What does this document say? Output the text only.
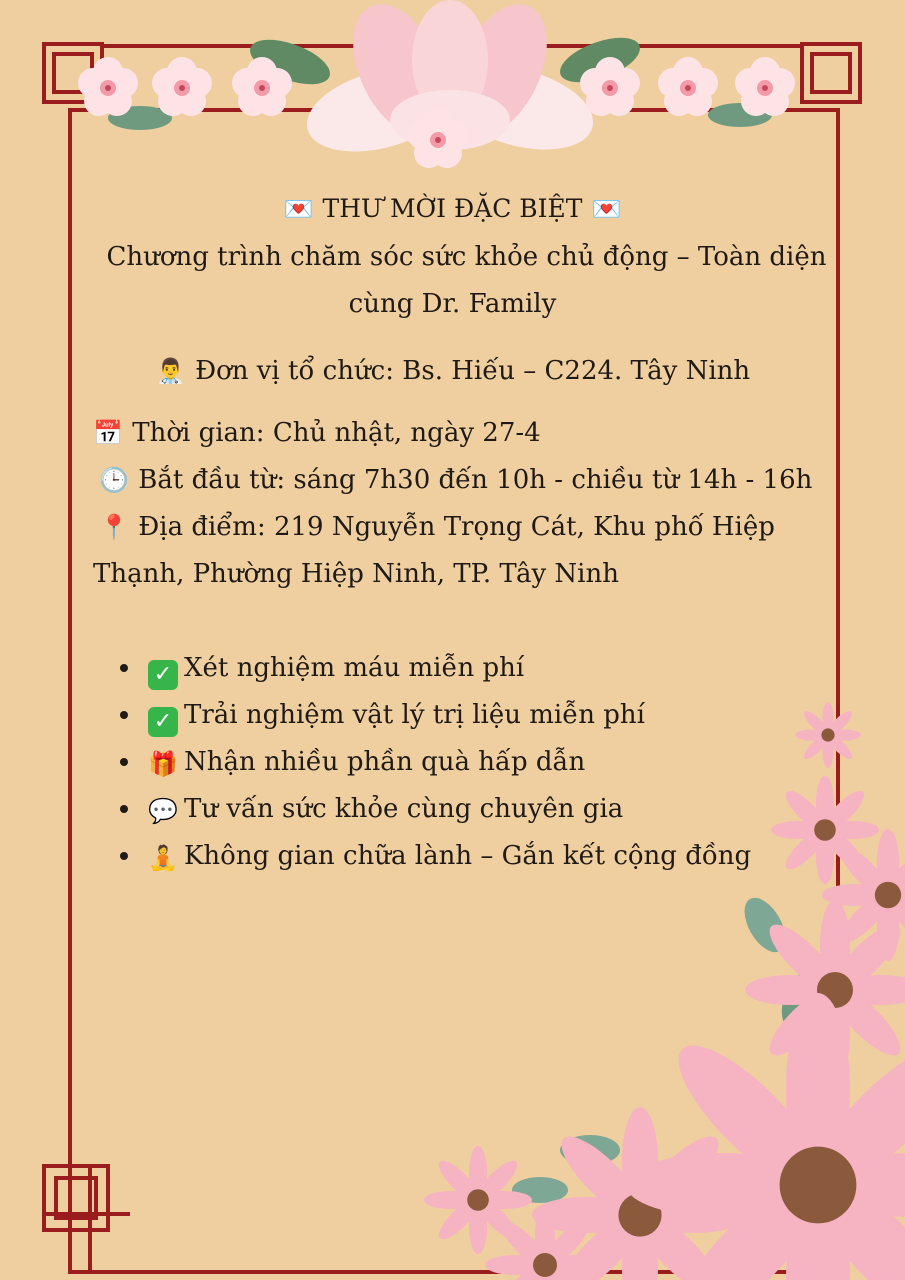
💌 THƯ MỜI ĐẶC BIỆT 💌

Chương trình chăm sóc sức khỏe chủ động – Toàn diện

cùng Dr. Family

👨‍⚕️ Đơn vị tổ chức: Bs. Hiếu – C224. Tây Ninh

📅 Thời gian: Chủ nhật, ngày 27-4

🕒 Bắt đầu từ: sáng 7h30 đến 10h - chiều từ 14h - 16h

📍 Địa điểm: 219 Nguyễn Trọng Cát, Khu phố Hiệp

Thạnh, Phường Hiệp Ninh, TP. Tây Ninh

✓ Xét nghiệm máu miễn phí
✓ Trải nghiệm vật lý trị liệu miễn phí
🎁 Nhận nhiều phần quà hấp dẫn
💬 Tư vấn sức khỏe cùng chuyên gia
🧘 Không gian chữa lành – Gắn kết cộng đồng
